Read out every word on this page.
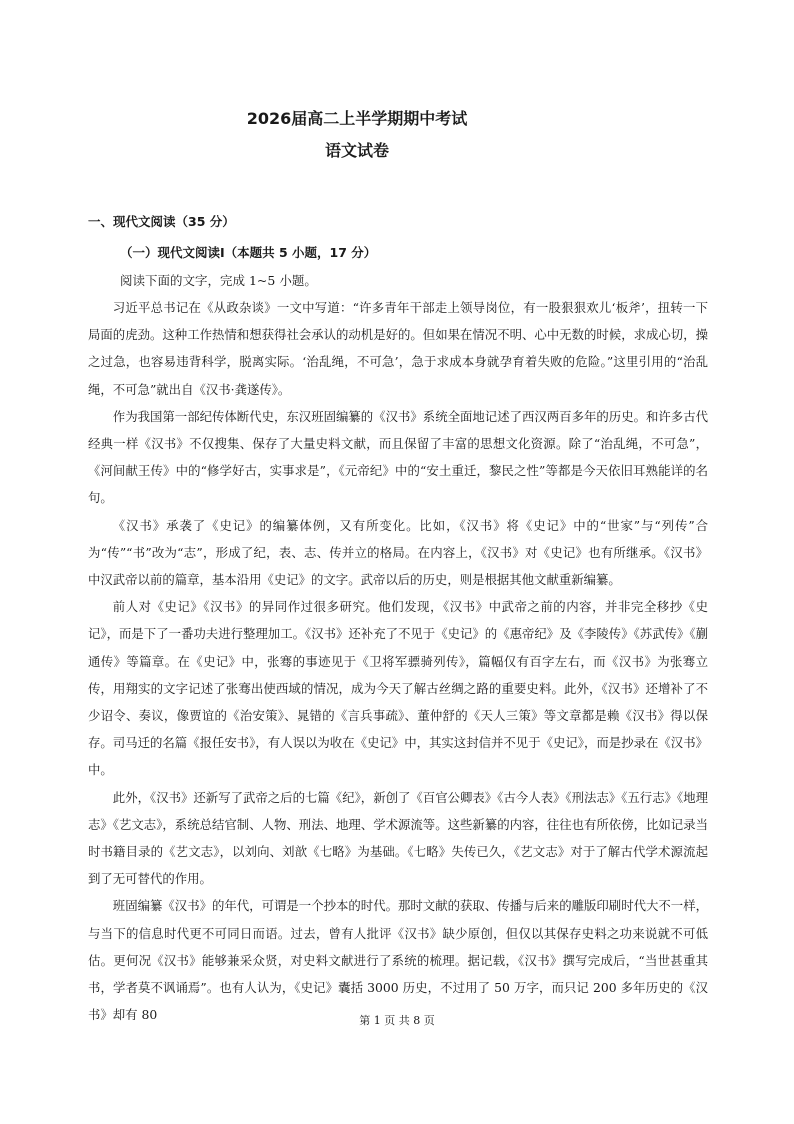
2026届高二上半学期期中考试
语文试卷
一、现代文阅读（35 分）
（一）现代文阅读Ⅰ（本题共 5 小题，17 分）
阅读下面的文字，完成 1~5 小题。

习近平总书记在《从政杂谈》一文中写道：“许多青年干部走上领导岗位，有一股狠狠欢儿‘板斧’，扭转一下局面的虎劲。这种工作热情和想获得社会承认的动机是好的。但如果在情况不明、心中无数的时候，求成心切，操之过急，也容易违背科学，脱离实际。‘治乱绳，不可急’，急于求成本身就孕育着失败的危险。”这里引用的“治乱绳，不可急”就出自《汉书·龚遂传》。

作为我国第一部纪传体断代史，东汉班固编纂的《汉书》系统全面地记述了西汉两百多年的历史。和许多古代经典一样《汉书》不仅搜集、保存了大量史料文献，而且保留了丰富的思想文化资源。除了“治乱绳，不可急”，《河间献王传》中的“修学好古，实事求是”，《元帝纪》中的“安土重迁，黎民之性”等都是今天依旧耳熟能详的名句。

《汉书》承袭了《史记》的编纂体例，又有所变化。比如，《汉书》将《史记》中的“世家”与“列传”合为“传”“书”改为“志”，形成了纪，表、志、传并立的格局。在内容上，《汉书》对《史记》也有所继承。《汉书》中汉武帝以前的篇章，基本沿用《史记》的文字。武帝以后的历史，则是根据其他文献重新编纂。

前人对《史记》《汉书》的异同作过很多研究。他们发现，《汉书》中武帝之前的内容，并非完全移抄《史记》，而是下了一番功夫进行整理加工。《汉书》还补充了不见于《史记》的《惠帝纪》及《李陵传》《苏武传》《蒯通传》等篇章。在《史记》中，张骞的事迹见于《卫将军骠骑列传》，篇幅仅有百字左右，而《汉书》为张骞立传，用翔实的文字记述了张骞出使西域的情况，成为今天了解古丝绸之路的重要史料。此外，《汉书》还增补了不少诏令、奏议，像贾谊的《治安策》、晁错的《言兵事疏》、董仲舒的《天人三策》等文章都是赖《汉书》得以保存。司马迁的名篇《报任安书》，有人误以为收在《史记》中，其实这封信并不见于《史记》，而是抄录在《汉书》中。

此外，《汉书》还新写了武帝之后的七篇《纪》，新创了《百官公卿表》《古今人表》《刑法志》《五行志》《地理志》《艺文志》，系统总结官制、人物、刑法、地理、学术源流等。这些新纂的内容，往往也有所依傍，比如记录当时书籍目录的《艺文志》，以刘向、刘歆《七略》为基础。《七略》失传已久，《艺文志》对于了解古代学术源流起到了无可替代的作用。

班固编纂《汉书》的年代，可谓是一个抄本的时代。那时文献的获取、传播与后来的雕版印刷时代大不一样，与当下的信息时代更不可同日而语。过去，曾有人批评《汉书》缺少原创，但仅以其保存史料之功来说就不可低估。更何况《汉书》能够兼采众贤，对史料文献进行了系统的梳理。据记载，《汉书》撰写完成后，“当世甚重其书，学者莫不讽诵焉”。也有人认为，《史记》囊括 3000 历史，不过用了 50 万字，而只记 200 多年历史的《汉书》却有 80	第 1 页 共 8 页
